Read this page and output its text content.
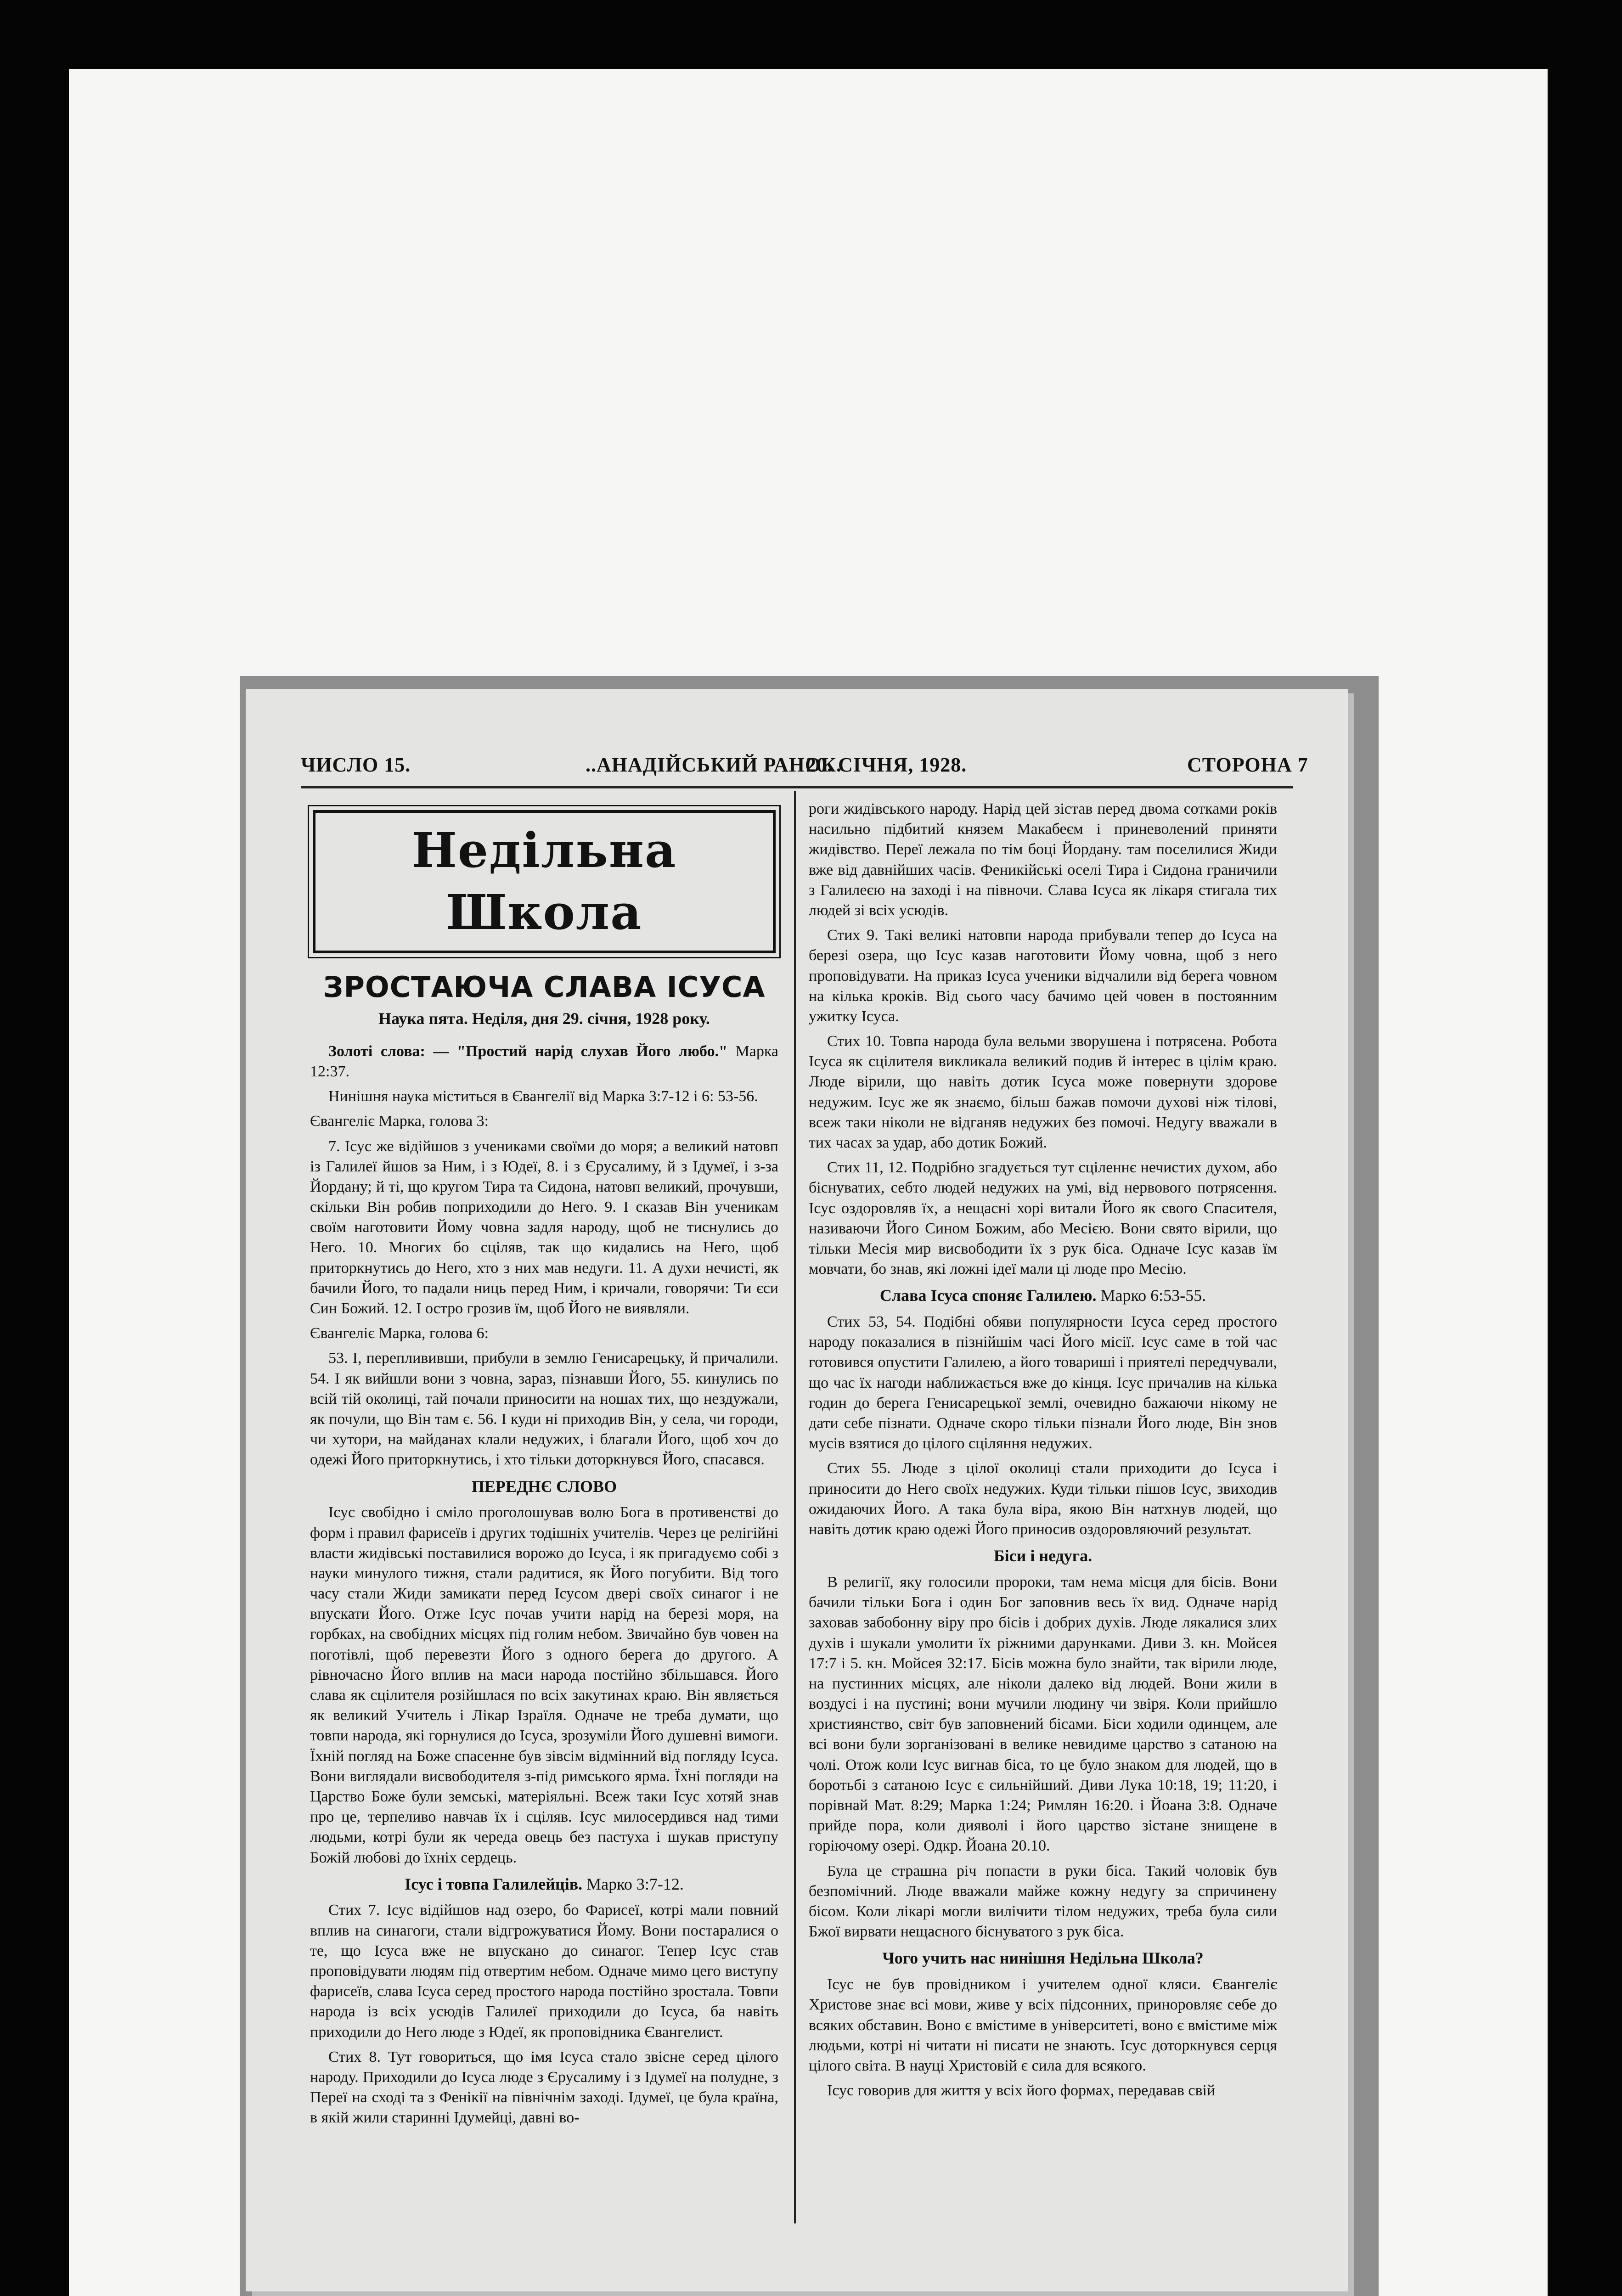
ЧИСЛО 15.	..АНАДІЙСЬКИЙ РАНОК.
20. СІЧНЯ, 1928.	СТОРОНА 7
Недільна Школа
ЗРОСТАЮЧА СЛАВА ІСУСА
Наука пята. Неділя, дня 29. січня, 1928 року.

Золоті слова: — "Простий нарід слухав Його любо." Марка 12:37.

Нинішня наука міститься в Євангелії від Марка 3:7-12 і 6: 53-56.

Євангеліє Марка, голова 3:

7. Ісус же відійшов з учениками своїми до моря; а великий натовп із Галилеї йшов за Ним, і з Юдеї, 8. і з Єрусалиму, й з Ідумеї, і з-за Йордану; й ті, що кругом Тира та Сидона, натовп великий, прочувши, скільки Він робив поприходили до Него. 9. І сказав Він ученикам своїм наготовити Йому човна задля народу, щоб не тиснулись до Него. 10. Многих бо сціляв, так що кидались на Него, щоб приторкнутись до Него, хто з них мав недуги. 11. А духи нечисті, як бачили Його, то падали ниць перед Ним, і кричали, говорячи: Ти єси Син Божий. 12. І остро грозив їм, щоб Його не виявляли.

Євангеліє Марка, голова 6:

53. І, переплививши, прибули в землю Генисарецьку, й причалили. 54. І як вийшли вони з човна, зараз, пізнавши Його, 55. кинулись по всій тій околиці, тай почали приносити на ношах тих, що нездужали, як почули, що Він там є. 56. І куди ні приходив Він, у села, чи городи, чи хутори, на майданах клали недужих, і благали Його, щоб хоч до одежі Його приторкнутись, і хто тільки доторкнувся Його, спасався.

ПЕРЕДНЄ СЛОВО

Ісус свобідно і сміло проголошував волю Бога в противенстві до форм і правил фарисеїв і других тодішніх учителів. Через це релігійні власти жидівські поставилися ворожо до Ісуса, і як пригадуємо собі з науки минулого тижня, стали радитися, як Його погубити. Від того часу стали Жиди замикати перед Ісусом двері своїх синагог і не впускати Його. Отже Ісус почав учити нарід на березі моря, на горбках, на свобідних місцях під голим небом. Звичайно був човен на поготівлі, щоб перевезти Його з одного берега до другого. А рівночасно Його вплив на маси народа постійно збільшався. Його слава як сцілителя розійшлася по всіх закутинах краю. Він являється як великий Учитель і Лікар Ізраїля. Одначе не треба думати, що товпи народа, які горнулися до Ісуса, зрозуміли Його душевні вимоги. Їхній погляд на Боже спасенне був зівсім відмінний від погляду Ісуса. Вони виглядали висвободителя з-під римського ярма. Їхні погляди на Царство Боже були земські, матеріяльні. Всеж таки Ісус хотяй знав про це, терпеливо навчав їх і сціляв. Ісус милосердився над тими людьми, котрі були як череда овець без пастуха і шукав приступу Божій любові до їхніх сердець.

Ісус і товпа Галилейців. Марко 3:7-12.

Стих 7. Ісус відійшов над озеро, бо Фарисеї, котрі мали повний вплив на синагоги, стали відгрожуватися Йому. Вони постаралися о те, що Ісуса вже не впускано до синагог. Тепер Ісус став проповідувати людям під отвертим небом. Одначе мимо цего виступу фарисеїв, слава Ісуса серед простого народа постійно зростала. Товпи народа із всіх усюдів Галилеї приходили до Ісуса, ба навіть приходили до Него люде з Юдеї, як проповідника Євангелист.

Стих 8. Тут говориться, що імя Ісуса стало звісне серед цілого народу. Приходили до Ісуса люде з Єрусалиму і з Ідумеї на полудне, з Переї на сході та з Фенікії на північнім заході. Ідумеї, це була країна, в якій жили старинні Ідумейці, давні во-

роги жидівського народу. Нарід цей зістав перед двома сотками років насильно підбитий князем Макабеєм і приневолений приняти жидівство. Переї лежала по тім боці Йордану. там поселилися Жиди вже від давнійших часів. Феникійські оселі Тира і Сидона граничили з Галилеєю на заході і на півночи. Слава Ісуса як лікаря стигала тих людей зі всіх усюдів.

Стих 9. Такі великі натовпи народа прибували тепер до Ісуса на березі озера, що Ісус казав наготовити Йому човна, щоб з него проповідувати. На приказ Ісуса ученики відчалили від берега човном на кілька кроків. Від сього часу бачимо цей човен в постоянним ужитку Ісуса.

Стих 10. Товпа народа була вельми зворушена і потрясена. Робота Ісуса як сцілителя викликала великий подив й інтерес в цілім краю. Люде вірили, що навіть дотик Ісуса може повернути здорове недужим. Ісус же як знаємо, більш бажав помочи духові ніж тілові, всеж таки ніколи не відганяв недужих без помочі. Недугу вважали в тих часах за удар, або дотик Божий.

Стих 11, 12. Подрібно згадується тут сціленнє нечистих духом, або біснуватих, себто людей недужих на умі, від нервового потрясення. Ісус оздоровляв їх, а нещасні хорі витали Його як свого Спасителя, називаючи Його Сином Божим, або Месією. Вони свято вірили, що тільки Месія мир висвободити їх з рук біса. Одначе Ісус казав їм мовчати, бо знав, які ложні ідеї мали ці люде про Месію.

Слава Ісуса споняє Галилею. Марко 6:53-55.

Стих 53, 54. Подібні обяви популярности Ісуса серед простого народу показалися в пізнійшім часі Його місії. Ісус саме в той час готовився опустити Галилею, а його товариші і приятелі передчували, що час їх нагоди наближається вже до кінця. Ісус причалив на кілька годин до берега Генисарецької землі, очевидно бажаючи нікому не дати себе пізнати. Одначе скоро тільки пізнали Його люде, Він знов мусів взятися до цілого сціляння недужих.

Стих 55. Люде з цілої околиці стали приходити до Ісуса і приносити до Него своїх недужих. Куди тільки пішов Ісус, звиходив ожидаючих Його. А така була віра, якою Він натхнув людей, що навіть дотик краю одежі Його приносив оздоровляючий результат.

Біси і недуга.

В религії, яку голосили пророки, там нема місця для бісів. Вони бачили тільки Бога і один Бог заповнив весь їх вид. Одначе нарід заховав забобонну віру про бісів і добрих духів. Люде лякалися злих духів і шукали умолити їх ріжними дарунками. Диви 3. кн. Мойсея 17:7 і 5. кн. Мойсея 32:17. Бісів можна було знайти, так вірили люде, на пустинних місцях, але ніколи далеко від людей. Вони жили в воздусі і на пустині; вони мучили людину чи звіря. Коли прийшло християнство, світ був заповнений бісами. Біси ходили одинцем, але всі вони були зорганізовані в велике невидиме царство з сатаною на чолі. Отож коли Ісус вигнав біса, то це було знаком для людей, що в боротьбі з сатаною Ісус є сильнійший. Диви Лука 10:18, 19; 11:20, і порівнай Мат. 8:29; Марка 1:24; Римлян 16:20. і Йоана 3:8. Одначе прийде пора, коли дияволі і його царство зістане знищене в горіючому озері. Одкр. Йоана 20.10.

Була це страшна річ попасти в руки біса. Такий чоловік був безпомічний. Люде вважали майже кожну недугу за спричинену бісом. Коли лікарі могли вилічити тілом недужих, треба була сили Бжої вирвати нещасного біснуватого з рук біса.

Чого учить нас нинішня Недільна Школа?

Ісус не був провідником і учителем одної кляси. Євангеліє Христове знає всі мови, живе у всіх підсонних, приноровляє себе до всяких обставин. Воно є вмістиме в університеті, воно є вмістиме між людьми, котрі ні читати ні писати не знають. Ісус доторкнувся серця цілого світа. В науці Христовій є сила для всякого.

Ісус говорив для життя у всіх його формах, передавав свій
